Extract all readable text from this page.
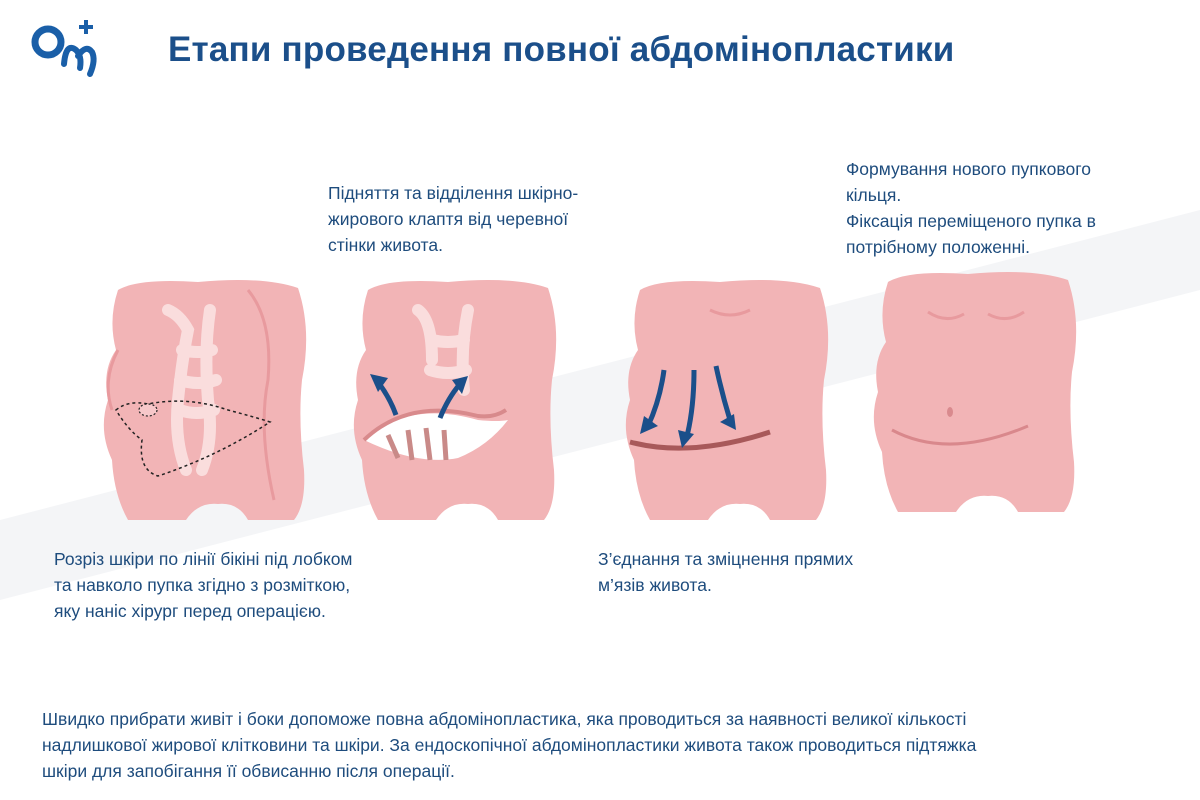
Етапи проведення повної абдомінопластики
Розріз шкіри по лінії бікіні під лобком
та навколо пупка згідно з розміткою,
яку наніс хірург перед операцією.
Підняття та відділення шкірно-
жирового клаптя від черевної
стінки живота.
З’єднання та зміцнення прямих
м’язів живота.
Формування нового пупкового
кільця.
Фіксація переміщеного пупка в
потрібному положенні.
Швидко прибрати живіт і боки допоможе повна абдомінопластика, яка проводиться за наявності великої кількості
надлишкової жирової клітковини та шкіри. За ендоскопічної абдомінопластики живота також проводиться підтяжка
шкіри для запобігання її обвисанню після операції.
